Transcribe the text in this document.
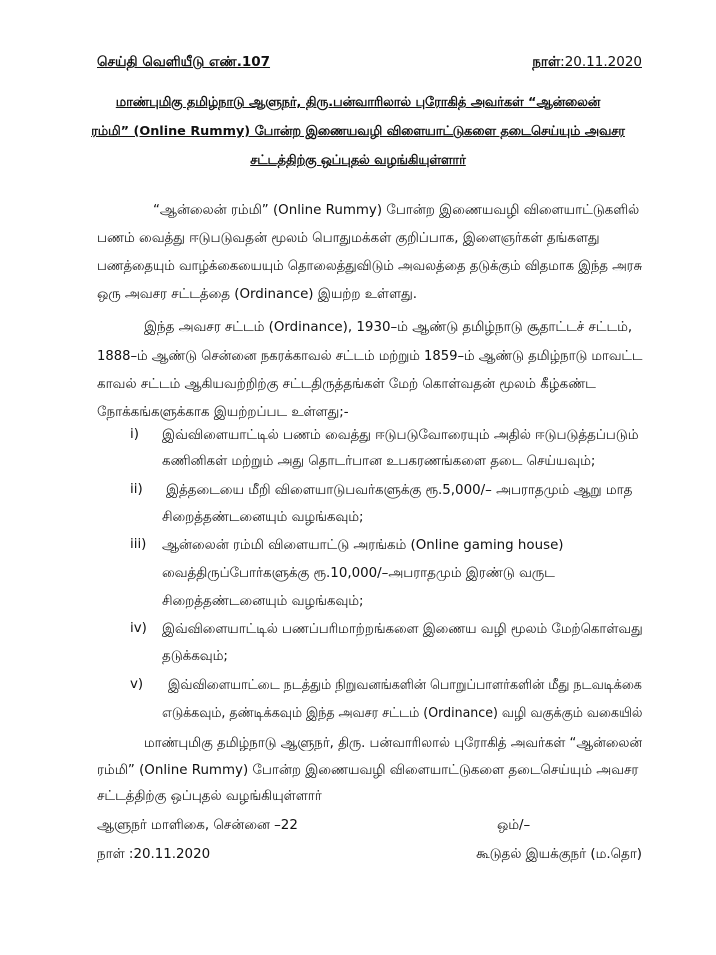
செய்தி வெளியீடு எண்.107	நாள்:20.11.2020
மாண்புமிகு தமிழ்நாடு ஆளுநர், திரு.பன்வாரிலால் புரோகித் அவர்கள் “ஆன்லைன்
ரம்மி” (Online Rummy) போன்ற இணையவழி விளையாட்டுகளை தடைசெய்யும் அவசர
சட்டத்திற்கு ஒப்புதல் வழங்கியுள்ளார்
“ஆன்லைன் ரம்மி” (Online Rummy) போன்ற இணையவழி விளையாட்டுகளில்
பணம் வைத்து ஈடுபடுவதன் மூலம் பொதுமக்கள் குறிப்பாக, இளைஞர்கள் தங்களது
பணத்தையும் வாழ்க்கையையும் தொலைத்துவிடும் அவலத்தை தடுக்கும் விதமாக இந்த அரசு
ஒரு அவசர சட்டத்தை (Ordinance) இயற்ற உள்ளது.
இந்த அவசர சட்டம் (Ordinance), 1930–ம் ஆண்டு தமிழ்நாடு சூதாட்டச் சட்டம்,
1888–ம் ஆண்டு சென்னை நகரக்காவல் சட்டம் மற்றும் 1859–ம் ஆண்டு தமிழ்நாடு மாவட்ட
காவல் சட்டம் ஆகியவற்றிற்கு சட்டதிருத்தங்கள் மேற் கொள்வதன் மூலம் கீழ்கண்ட
நோக்கங்களுக்காக இயற்றப்பட உள்ளது;-
i) இவ்விளையாட்டில் பணம் வைத்து ஈடுபடுவோரையும் அதில் ஈடுபடுத்தப்படும்
கணினிகள் மற்றும் அது தொடர்பான உபகரணங்களை தடை செய்யவும்;
ii) இத்தடையை மீறி விளையாடுபவர்களுக்கு ரூ.5,000/– அபராதமும் ஆறு மாத
சிறைத்தண்டனையும் வழங்கவும்;
iii) ஆன்லைன் ரம்மி விளையாட்டு அரங்கம் (Online gaming house)
வைத்திருப்போர்களுக்கு ரூ.10,000/–அபராதமும் இரண்டு வருட
சிறைத்தண்டனையும் வழங்கவும்;
iv) இவ்விளையாட்டில் பணப்பரிமாற்றங்களை இணைய வழி மூலம் மேற்கொள்வது
தடுக்கவும்;
v) இவ்விளையாட்டை நடத்தும் நிறுவனங்களின் பொறுப்பாளர்களின் மீது நடவடிக்கை
எடுக்கவும், தண்டிக்கவும் இந்த அவசர சட்டம் (Ordinance) வழி வகுக்கும் வகையில்
மாண்புமிகு தமிழ்நாடு ஆளுநர், திரு. பன்வாரிலால் புரோகித் அவர்கள் “ஆன்லைன்
ரம்மி” (Online Rummy) போன்ற இணையவழி விளையாட்டுகளை தடைசெய்யும் அவசர
சட்டத்திற்கு ஒப்புதல் வழங்கியுள்ளார்
ஆளுநர் மாளிகை, சென்னை –22	ஒம்/–
நாள் :20.11.2020	கூடுதல் இயக்குநர் (ம.தொ)
